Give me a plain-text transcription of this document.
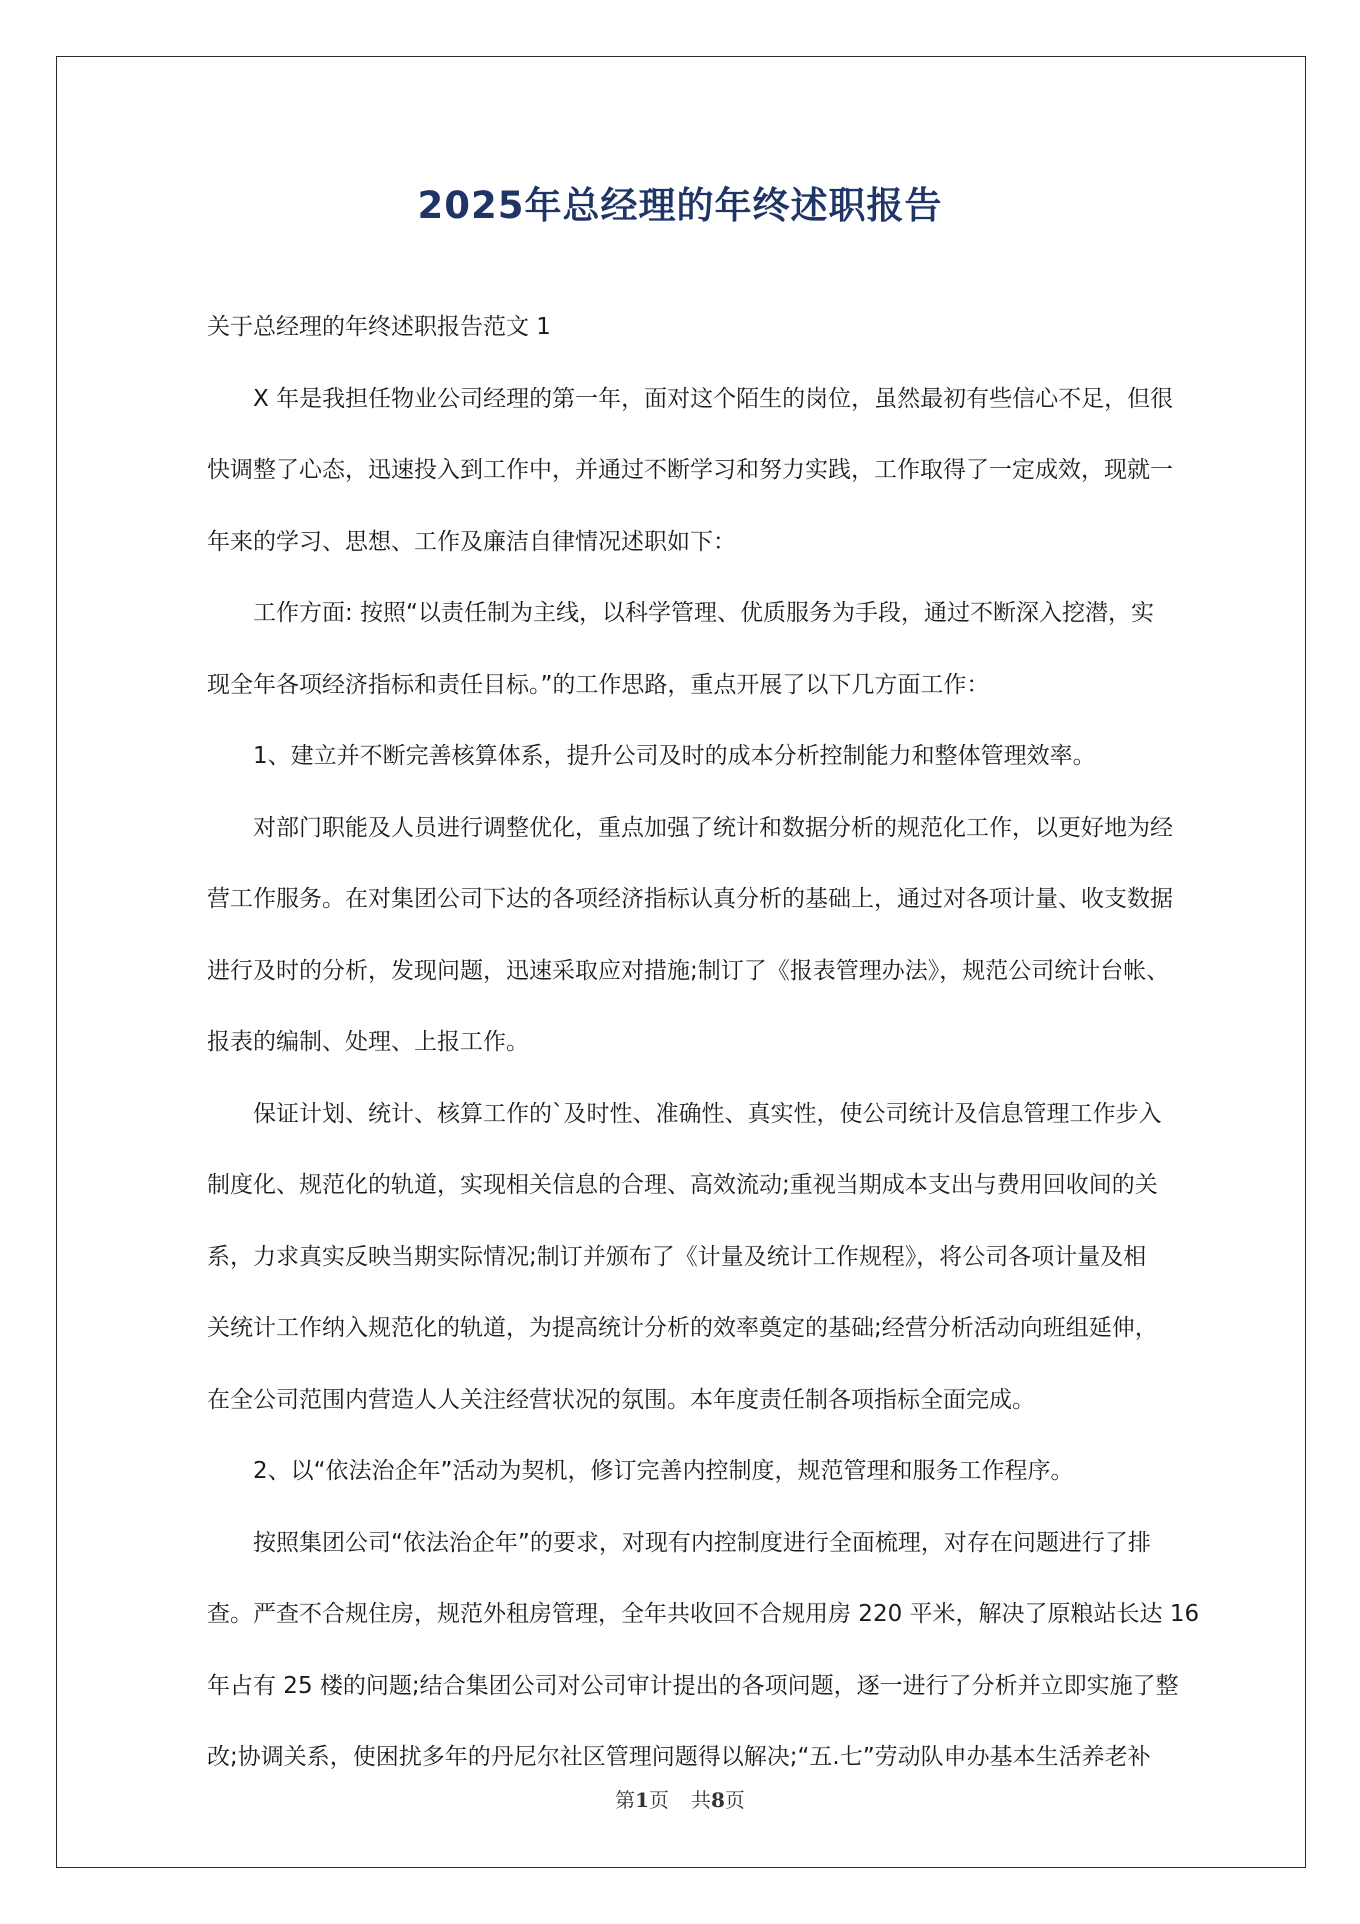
2025年总经理的年终述职报告

关于总经理的年终述职报告范文 1

X 年是我担任物业公司经理的第一年，面对这个陌生的岗位，虽然最初有些信心不足，但很

快调整了心态，迅速投入到工作中，并通过不断学习和努力实践，工作取得了一定成效，现就一

年来的学习、思想、工作及廉洁自律情况述职如下：

工作方面: 按照“以责任制为主线，以科学管理、优质服务为手段，通过不断深入挖潜，实

现全年各项经济指标和责任目标。”的工作思路，重点开展了以下几方面工作：

1、建立并不断完善核算体系，提升公司及时的成本分析控制能力和整体管理效率。

对部门职能及人员进行调整优化，重点加强了统计和数据分析的规范化工作，以更好地为经

营工作服务。在对集团公司下达的各项经济指标认真分析的基础上，通过对各项计量、收支数据

进行及时的分析，发现问题，迅速采取应对措施;制订了《报表管理办法》，规范公司统计台帐、

报表的编制、处理、上报工作。

保证计划、统计、核算工作的`及时性、准确性、真实性，使公司统计及信息管理工作步入

制度化、规范化的轨道，实现相关信息的合理、高效流动;重视当期成本支出与费用回收间的关

系，力求真实反映当期实际情况;制订并颁布了《计量及统计工作规程》，将公司各项计量及相

关统计工作纳入规范化的轨道，为提高统计分析的效率奠定的基础;经营分析活动向班组延伸，

在全公司范围内营造人人关注经营状况的氛围。本年度责任制各项指标全面完成。

2、以“依法治企年”活动为契机，修订完善内控制度，规范管理和服务工作程序。

按照集团公司“依法治企年”的要求，对现有内控制度进行全面梳理，对存在问题进行了排

查。严查不合规住房，规范外租房管理，全年共收回不合规用房 220 平米，解决了原粮站长达 16

年占有 25 楼的问题;结合集团公司对公司审计提出的各项问题，逐一进行了分析并立即实施了整

改;协调关系，使困扰多年的丹尼尔社区管理问题得以解决;“五.七”劳动队申办基本生活养老补

第1页 共8页
